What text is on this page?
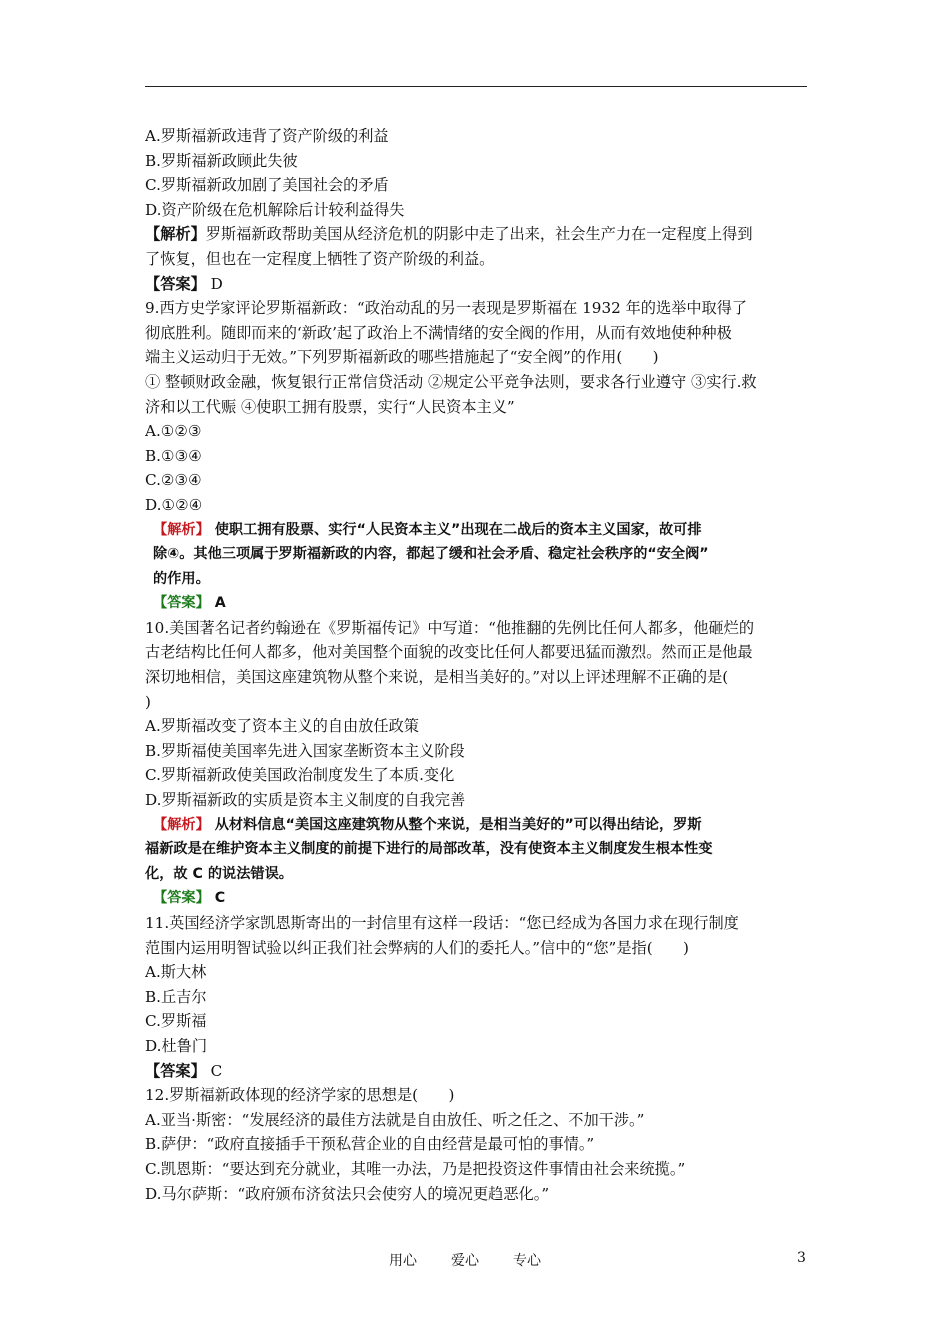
A.罗斯福新政违背了资产阶级的利益
B.罗斯福新政顾此失彼
C.罗斯福新政加剧了美国社会的矛盾
D.资产阶级在危机解除后计较利益得失
【解析】罗斯福新政帮助美国从经济危机的阴影中走了出来，社会生产力在一定程度上得到
了恢复，但也在一定程度上牺牲了资产阶级的利益。
【答案】 D
9.西方史学家评论罗斯福新政：“政治动乱的另一表现是罗斯福在 1932 年的选举中取得了
彻底胜利。随即而来的‘新政’起了政治上不满情绪的安全阀的作用，从而有效地使种种极
端主义运动归于无效。”下列罗斯福新政的哪些措施起了“安全阀”的作用(　　)
① 整顿财政金融，恢复银行正常信贷活动 ②规定公平竞争法则，要求各行业遵守 ③实行.救
济和以工代赈 ④使职工拥有股票，实行“人民资本主义”
A.①②③
B.①③④
C.②③④
D.①②④
【解析】 使职工拥有股票、实行“人民资本主义”出现在二战后的资本主义国家，故可排
除④。其他三项属于罗斯福新政的内容，都起了缓和社会矛盾、稳定社会秩序的“安全阀”
的作用。
【答案】 A
10.美国著名记者约翰逊在《罗斯福传记》中写道：“他推翻的先例比任何人都多，他砸烂的
古老结构比任何人都多，他对美国整个面貌的改变比任何人都要迅猛而激烈。然而正是他最
深切地相信，美国这座建筑物从整个来说，是相当美好的。”对以上评述理解不正确的是(
)
A.罗斯福改变了资本主义的自由放任政策
B.罗斯福使美国率先进入国家垄断资本主义阶段
C.罗斯福新政使美国政治制度发生了本质.变化
D.罗斯福新政的实质是资本主义制度的自我完善
【解析】 从材料信息“美国这座建筑物从整个来说，是相当美好的”可以得出结论，罗斯
福新政是在维护资本主义制度的前提下进行的局部改革，没有使资本主义制度发生根本性变
化，故 C 的说法错误。
【答案】 C
11.英国经济学家凯恩斯寄出的一封信里有这样一段话：“您已经成为各国力求在现行制度
范围内运用明智试验以纠正我们社会弊病的人们的委托人。”信中的“您”是指(　　)
A.斯大林
B.丘吉尔
C.罗斯福
D.杜鲁门
【答案】 C
12.罗斯福新政体现的经济学家的思想是(　　)
A.亚当·斯密：“发展经济的最佳方法就是自由放任、听之任之、不加干涉。”
B.萨伊：“政府直接插手干预私营企业的自由经营是最可怕的事情。”
C.凯恩斯：“要达到充分就业，其唯一办法，乃是把投资这件事情由社会来统揽。”
D.马尔萨斯：“政府颁布济贫法只会使穷人的境况更趋恶化。”
用心 爱心 专心	3
